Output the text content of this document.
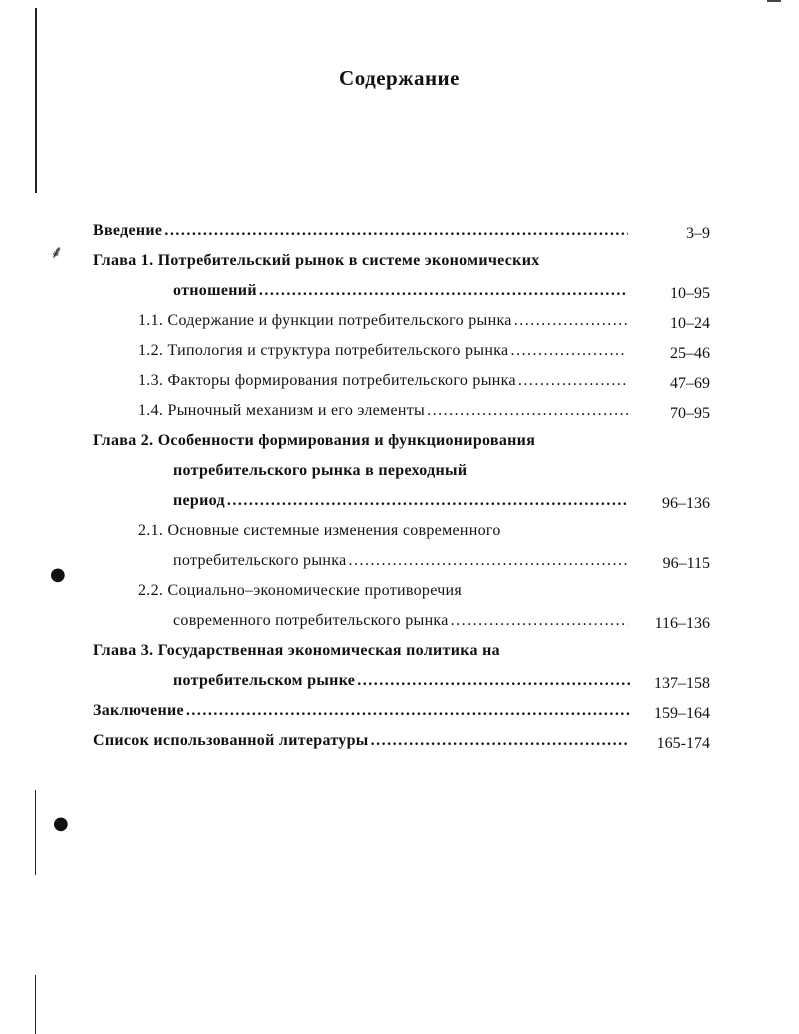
⸙
●
●
Содержание
Введение .....	3–9
Глава 1. Потребительский рынок в системе экономических
отношений .....	10–95
1.1. Содержание и функции потребительского рынка .....	10–24
1.2. Типология и структура потребительского рынка .....	25–46
1.3. Факторы формирования потребительского рынка .....	47–69
1.4. Рыночный механизм и его элементы .....	70–95
Глава 2. Особенности формирования и функционирования
потребительского рынка в переходный
период .....	96–136
2.1. Основные системные изменения современного
потребительского рынка .....	96–115
2.2. Социально–экономические противоречия
современного потребительского рынка .....	116–136
Глава 3. Государственная экономическая политика на
потребительском рынке .....	137–158
Заключение .....	159–164
Список использованной литературы .....	165-174
